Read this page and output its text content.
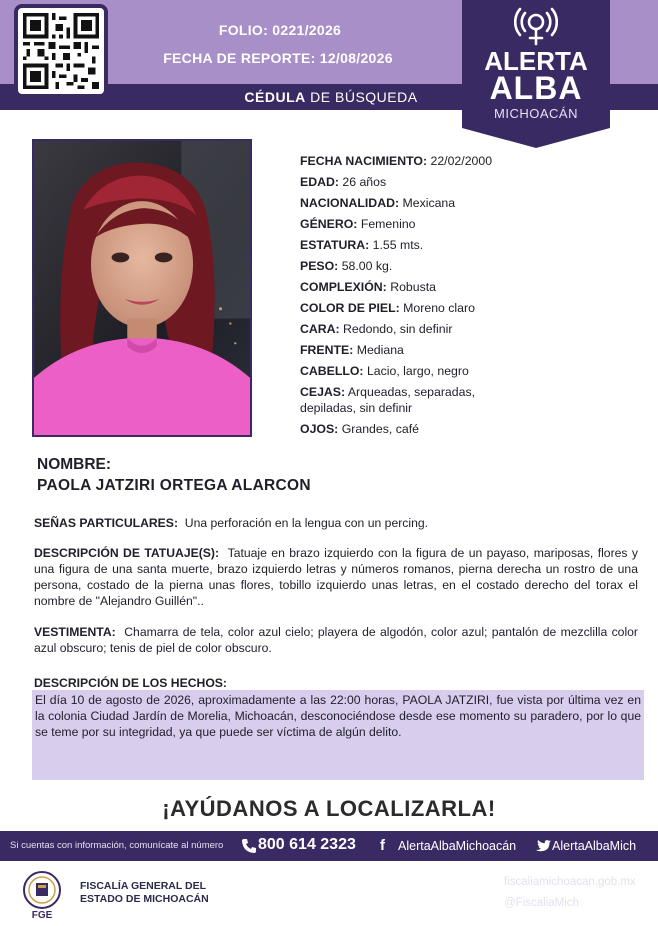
FOLIO: 0221/2026
FECHA DE REPORTE: 12/08/2026
CÉDULA DE BÚSQUEDA
ALERTA
ALBA
MICHOACÁN
FECHA NACIMIENTO: 22/02/2000
EDAD: 26 años
NACIONALIDAD: Mexicana
GÉNERO: Femenino
ESTATURA: 1.55 mts.
PESO: 58.00 kg.
COMPLEXIÓN: Robusta
COLOR DE PIEL: Moreno claro
CARA: Redondo, sin definir
FRENTE: Mediana
CABELLO: Lacio, largo, negro
CEJAS: Arqueadas, separadas,
depiladas, sin definir
OJOS: Grandes, café
NOMBRE:
PAOLA JATZIRI ORTEGA ALARCON
SEÑAS PARTICULARES: Una perforación en la lengua con un percing.
DESCRIPCIÓN DE TATUAJE(S): Tatuaje en brazo izquierdo con la figura de un payaso, mariposas, flores y una figura de una santa muerte, brazo izquierdo letras y números romanos, pierna derecha un rostro de una persona, costado de la pierna unas flores, tobillo izquierdo unas letras, en el costado derecho del torax el nombre de "Alejandro Guillén"..
VESTIMENTA: Chamarra de tela, color azul cielo; playera de algodón, color azul; pantalón de mezclilla color azul obscuro; tenis de piel de color obscuro.
DESCRIPCIÓN DE LOS HECHOS:
El día 10 de agosto de 2026, aproximadamente a las 22:00 horas, PAOLA JATZIRI, fue vista por última vez en la colonia Ciudad Jardín de Morelia, Michoacán, desconociéndose desde ese momento su paradero, por lo que se teme por su integridad, ya que puede ser víctima de algún delito.
¡AYÚDANOS A LOCALIZARLA!
Si cuentas con información, comunícate al número 800 614 2323 f AlertaAlbaMichoacán	AlertaAlbaMich
FGE
FISCALÍA GENERAL DEL
ESTADO DE MICHOACÁN
fiscaliamichoacan.gob.mx
@FiscaliaMich
